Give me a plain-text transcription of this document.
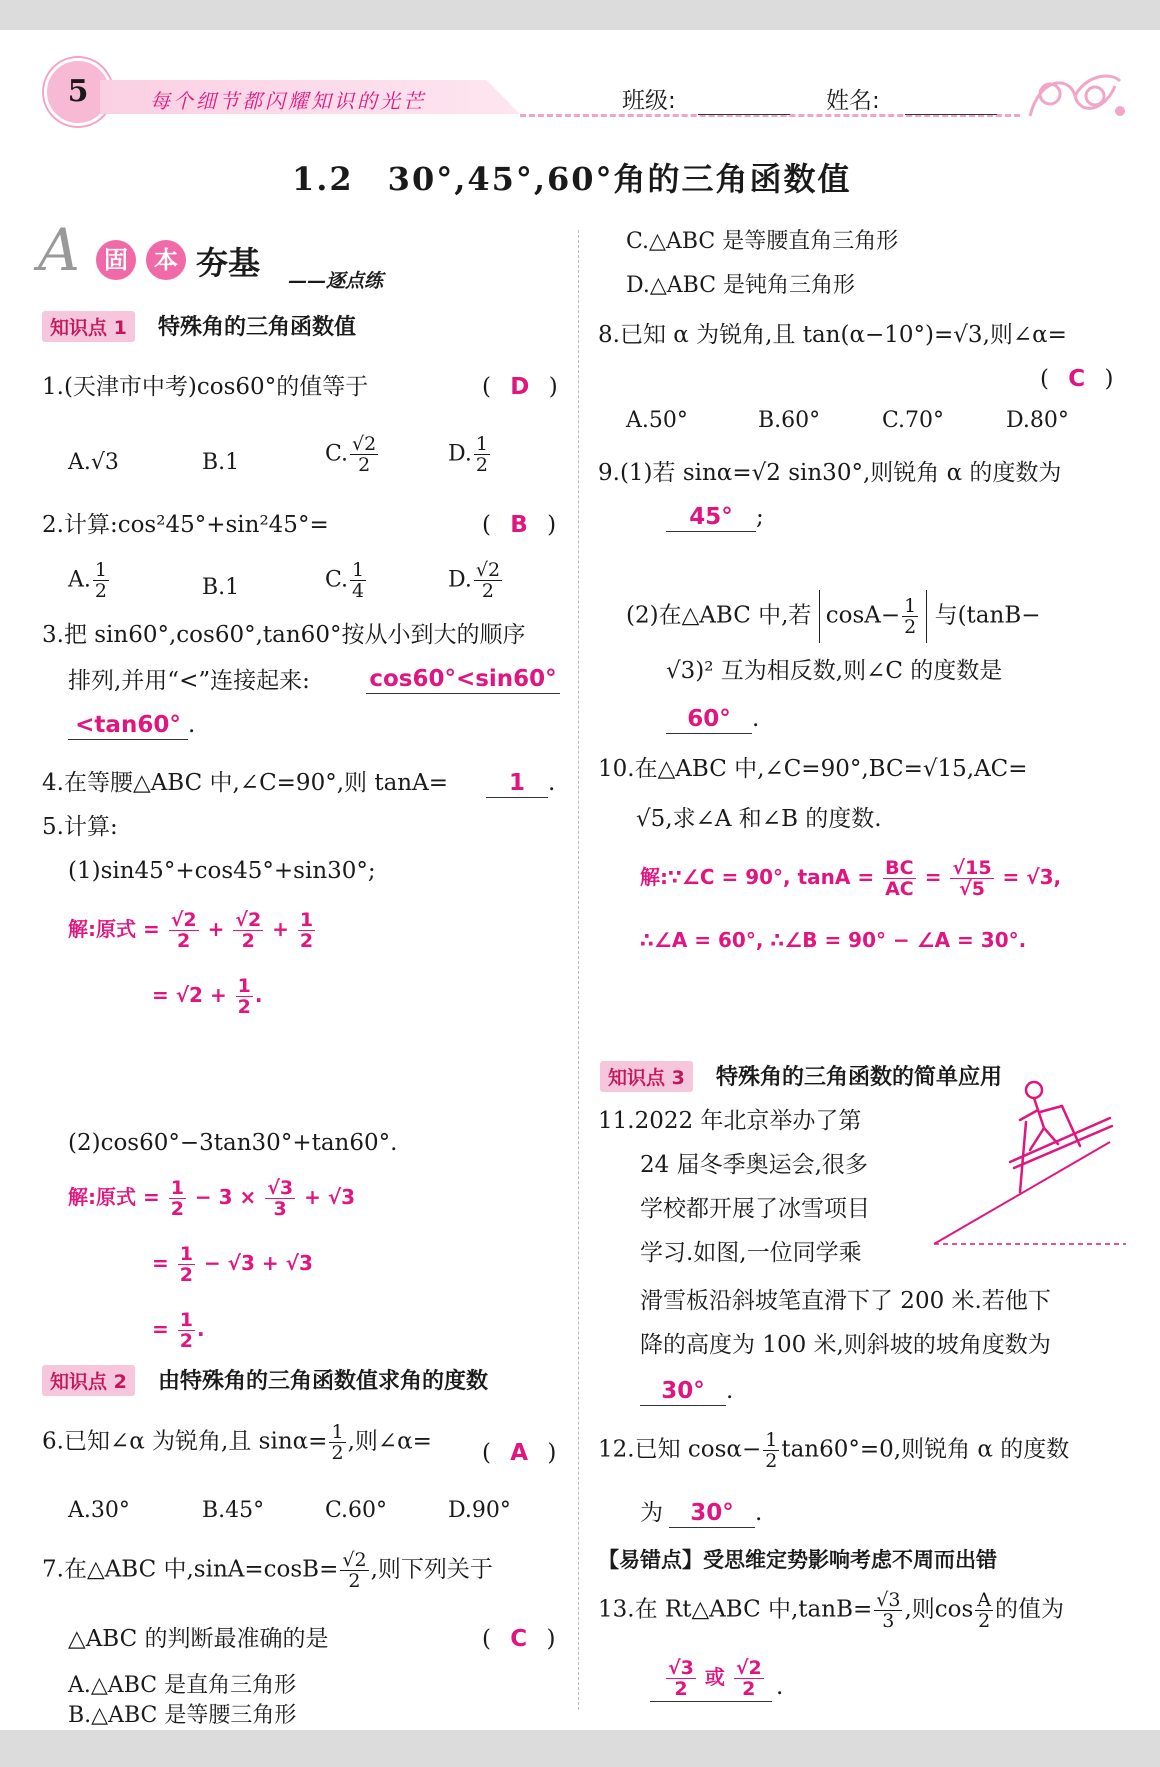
5	每个细节都闪耀知识的光芒	班级:	姓名:
1.2　30°,45°,60°角的三角函数值
A	固	本 夯基 ——逐点练
知识点 1 特殊角的三角函数值
1.(天津市中考)cos60°的值等于	( D )
A.√3	B.1	C. $\frac{√2}{2}$	D. $\frac{1}{2}$
2.计算:cos²45°+sin²45°=	( B )
A. $\frac{1}{2}$	B.1	C. $\frac{1}{4}$	D. $\frac{√2}{2}$
3.把 sin60°,cos60°,tan60°按从小到大的顺序
排列,并用“<”连接起来:	cos60°<sin60°
<tan60° .
4.在等腰△ABC 中,∠C=90°,则 tanA=	1 .
5.计算:
(1)sin45°+cos45°+sin30°;
解:原式 = $\frac{√2}{2} + \frac{√2}{2} + \frac{1}{2}$
= $√2 + \frac{1}{2}$ .
(2)cos60°−3tan30°+tan60°.
解:原式 = $\frac{1}{2} - 3 \times \frac{√3}{3} + √3$
= $\frac{1}{2} - √3 + √3$
= $\frac{1}{2}$ .
知识点 2 由特殊角的三角函数值求角的度数
6.已知∠α 为锐角,且 $\sin\alpha= \frac{1}{2}$ ,则∠α= ( A )
A.30°	B.45°	C.60°	D.90°
7.在△ABC 中$,\sin A=\cos B= \frac{√2}{2}$ ,则下列关于
△ABC 的判断最准确的是	( C )
A.△ABC 是直角三角形
B.△ABC 是等腰三角形
C.△ABC 是等腰直角三角形
D.△ABC 是钝角三角形
8.已知 α 为锐角,且 tan(α−10°)=√3,则∠α=
( C )
A.50°	B.60°	C.70°	D.80°
9.(1)若 sinα=√2 sin30°,则锐角 α 的度数为
45° ;
(2)在△ABC 中,若 $\cos A- \frac{1}{2}$ 与(tanB−
√3)² 互为相反数,则∠C 的度数是
60° .
10.在△ABC 中,∠C=90°,BC=√15,AC=
√5,求∠A 和∠B 的度数.
解:∵∠C = 90°, $\tan A = \frac{BC}{AC} = \frac{√15}{√5} = √3$,
∴∠A = 60°, ∴∠B = 90° − ∠A = 30°.
知识点 3 特殊角的三角函数的简单应用
11.2022 年北京举办了第
24 届冬季奥运会,很多
学校都开展了冰雪项目
学习.如图,一位同学乘
滑雪板沿斜坡笔直滑下了 200 米.若他下
降的高度为 100 米,则斜坡的坡角度数为
30° .
12.已知 $\cos\alpha- \frac{1}{2} \tan 60^\circ=0$,则锐角 α 的度数
为 30° .
【易错点】受思维定势影响考虑不周而出错
13.在 Rt△ABC 中$,\tan B= \frac{√3}{3}$ ,则$\cos \frac{A}{2}$ 的值为
$\frac{√3}{2}$ 或 $\frac{√2}{2}$ .
